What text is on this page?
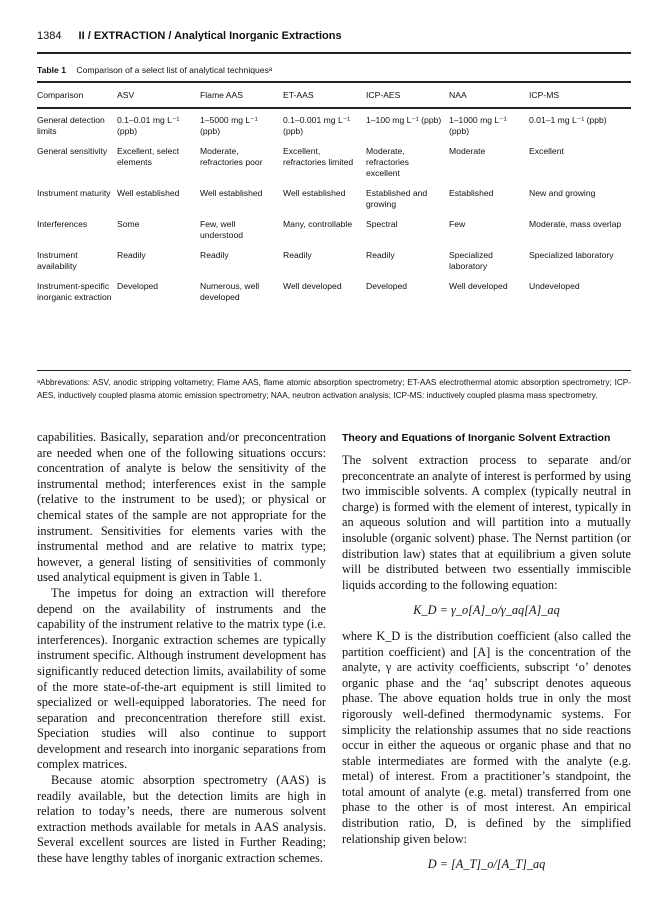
1384 II / EXTRACTION / Analytical Inorganic Extractions
Table 1 Comparison of a select list of analytical techniquesᵃ
Comparison	ASV	Flame AAS	ET-AAS	ICP-AES	NAA	ICP-MS
General detection limits	0.1–0.01 mg L⁻¹ (ppb)	1–5000 mg L⁻¹ (ppb)	0.1–0.001 mg L⁻¹ (ppb)	1–100 mg L⁻¹ (ppb)	1–1000 mg L⁻¹ (ppb)	0.01–1 mg L⁻¹ (ppb)
General sensitivity	Excellent, select elements	Moderate, refractories poor	Excellent, refractories limited	Moderate, refractories excellent	Moderate	Excellent
Instrument maturity	Well established	Well established	Well established	Established and growing	Established	New and growing
Interferences	Some	Few, well understood	Many, controllable	Spectral	Few	Moderate, mass overlap
Instrument availability	Readily	Readily	Readily	Readily	Specialized laboratory	Specialized laboratory
Instrument-specific inorganic extraction	Developed	Numerous, well developed	Well developed	Developed	Well developed	Undeveloped
ᵃAbbrevations: ASV, anodic stripping voltametry; Flame AAS, flame atomic absorption spectrometry; ET-AAS electrothermal atomic absorption spectrometry; ICP-AES, inductively coupled plasma atomic emission spectrometry; NAA, neutron activation analysis; ICP-MS: inductively coupled plasma mass spectrometry.

capabilities. Basically, separation and/or preconcentration are needed when one of the following situations occurs: concentration of analyte is below the sensitivity of the instrumental method; interferences exist in the sample (relative to the instrument to be used); or physical or chemical states of the sample are not appropriate for the instrument. Sensitivities for elements varies with the instrumental method and are relative to matrix type; however, a general listing of sensitivities of commonly used analytical equipment is given in Table 1.

The impetus for doing an extraction will therefore depend on the availability of instruments and the capability of the instrument relative to the matrix type (i.e. interferences). Inorganic extraction schemes are typically instrument specific. Although instrument development has significantly reduced detection limits, availability of some of the more state-of-the-art equipment is still limited to specialized or well-equipped laboratories. The need for separation and preconcentration therefore still exist. Speciation studies will also continue to support development and research into inorganic separations from complex matrices.

Because atomic absorption spectrometry (AAS) is readily available, but the detection limits are high in relation to today’s needs, there are numerous solvent extraction methods available for metals in AAS analysis. Several excellent sources are listed in Further Reading; these have lengthy tables of inorganic extraction schemes.

Theory and Equations of Inorganic Solvent Extraction

The solvent extraction process to separate and/or preconcentrate an analyte of interest is performed by using two immiscible solvents. A complex (typically neutral in charge) is formed with the element of interest, typically in an aqueous solution and will partition into a mutually insoluble (organic solvent) phase. The Nernst partition (or distribution law) states that at equilibrium a given solute will be distributed between two essentially immiscible liquids according to the following equation:

K_D = γ_o[A]_o/γ_aq[A]_aq

where K_D is the distribution coefficient (also called the partition coefficient) and [A] is the concentration of the analyte, γ are activity coefficients, subscript ‘o’ denotes organic phase and the ‘aq’ subscript denotes aqueous phase. The above equation holds true in only the most rigorously well-defined thermodynamic systems. For simplicity the relationship assumes that no side reactions occur in either the aqueous or organic phase and that no stable intermediates are formed with the analyte (e.g. metal) of interest. From a practitioner’s standpoint, the total amount of analyte (e.g. metal) transferred from one phase to the other is of most interest. An empirical distribution ratio, D, is defined by the simplified relationship given below:

D = [A_T]_o/[A_T]_aq
